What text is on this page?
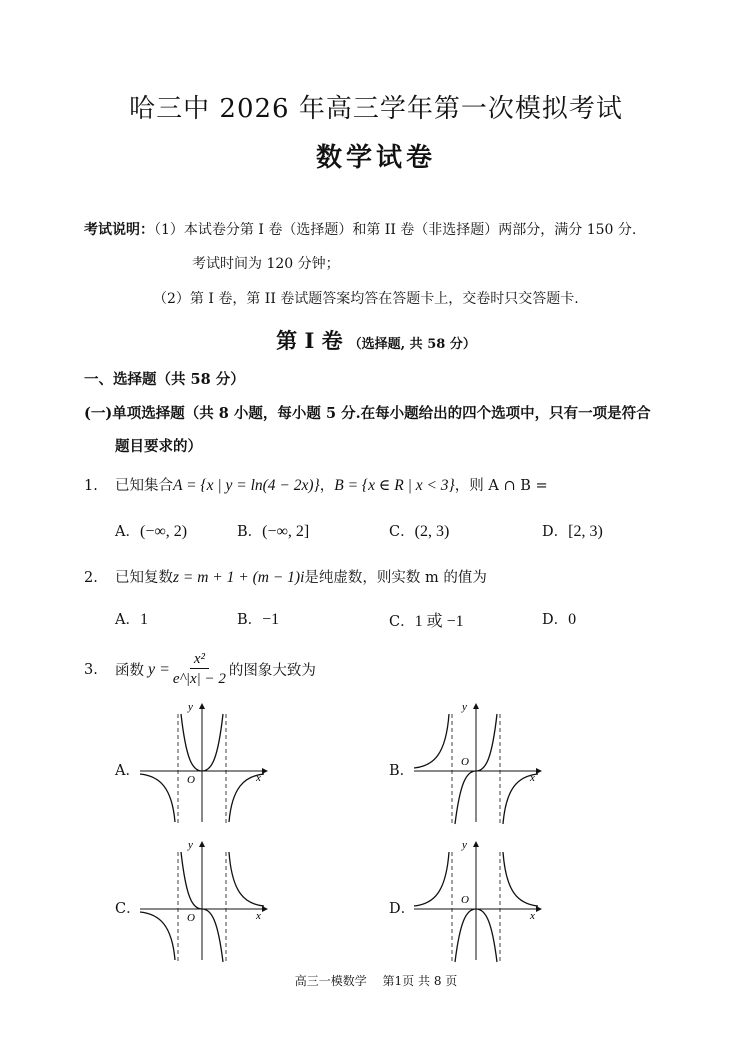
哈三中 2026 年高三学年第一次模拟考试
数学试卷
考试说明：（1）本试卷分第 I 卷（选择题）和第 II 卷（非选择题）两部分，满分 150 分.
考试时间为 120 分钟；
（2）第 I 卷，第 II 卷试题答案均答在答题卡上，交卷时只交答题卡.
第 I 卷 （选择题, 共 58 分）
一、选择题（共 58 分）
(一)单项选择题（共 8 小题，每小题 5 分.在每小题给出的四个选项中，只有一项是符合
题目要求的）
1. 已知集合A = {x | y = ln(4 − 2x)}，B = {x ∈ R | x < 3}，则 A ∩ B =
A．(−∞, 2)	B．(−∞, 2]	C．(2, 3)	D．[2, 3)
2. 已知复数z = m + 1 + (m − 1)i是纯虚数，则实数 m 的值为
A．1	B．−1	C．1 或 −1	D．0
3.	函数 $y = \frac{\text{x²}}{e\^{}|x| - 2}$ 的图象大致为
A．	B．
C．	D．
x
y
O	x
y
O
x
y
O	x
y
O
高三一模数学　 第1页 共 8 页
